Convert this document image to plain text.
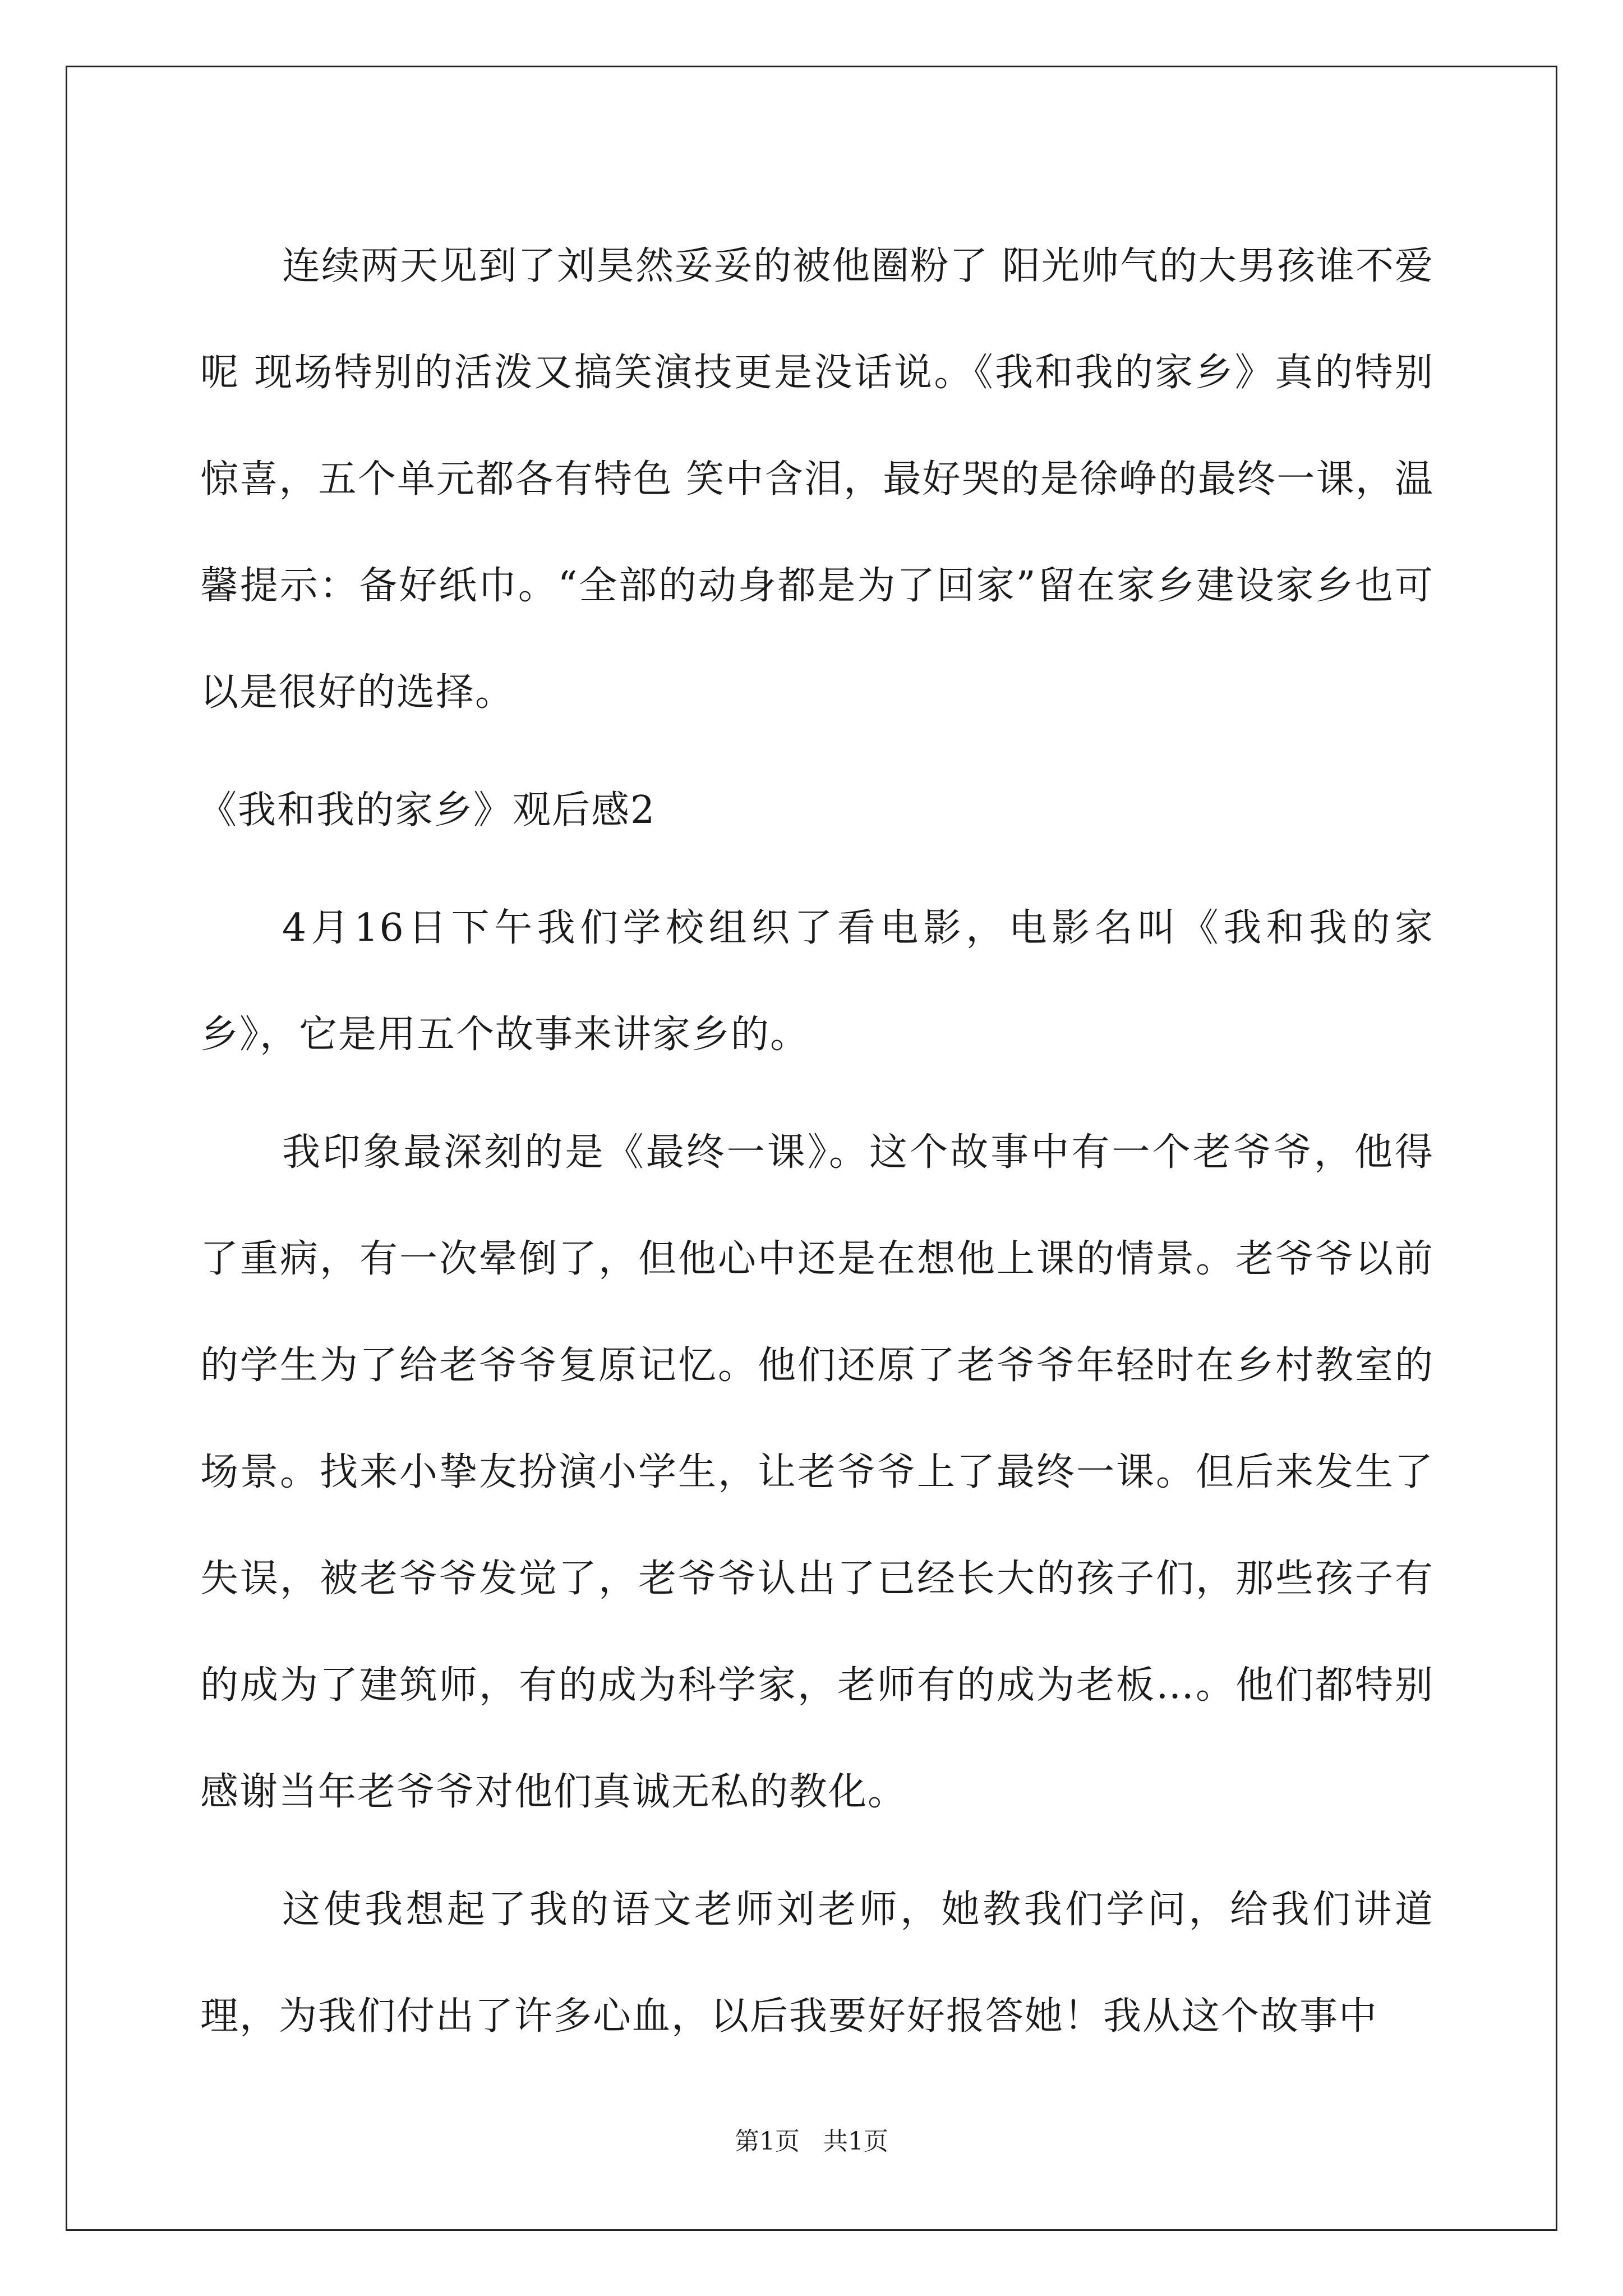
连续两天见到了刘昊然妥妥的被他圈粉了 阳光帅气的大男孩谁不爱呢 现场特别的活泼又搞笑演技更是没话说。《我和我的家乡》真的特别惊喜，五个单元都各有特色 笑中含泪，最好哭的是徐峥的最终一课，温馨提示：备好纸巾。“全部的动身都是为了回家”留在家乡建设家乡也可以是很好的选择。

《我和我的家乡》观后感2

4月16日下午我们学校组织了看电影，电影名叫《我和我的家乡》，它是用五个故事来讲家乡的。

我印象最深刻的是《最终一课》。这个故事中有一个老爷爷，他得了重病，有一次晕倒了，但他心中还是在想他上课的情景。老爷爷以前的学生为了给老爷爷复原记忆。他们还原了老爷爷年轻时在乡村教室的场景。找来小挚友扮演小学生，让老爷爷上了最终一课。但后来发生了失误，被老爷爷发觉了，老爷爷认出了已经长大的孩子们，那些孩子有的成为了建筑师，有的成为科学家，老师有的成为老板…。他们都特别感谢当年老爷爷对他们真诚无私的教化。

这使我想起了我的语文老师刘老师，她教我们学问，给我们讲道理，为我们付出了许多心血，以后我要好好报答她！我从这个故事中

第1页 共1页
